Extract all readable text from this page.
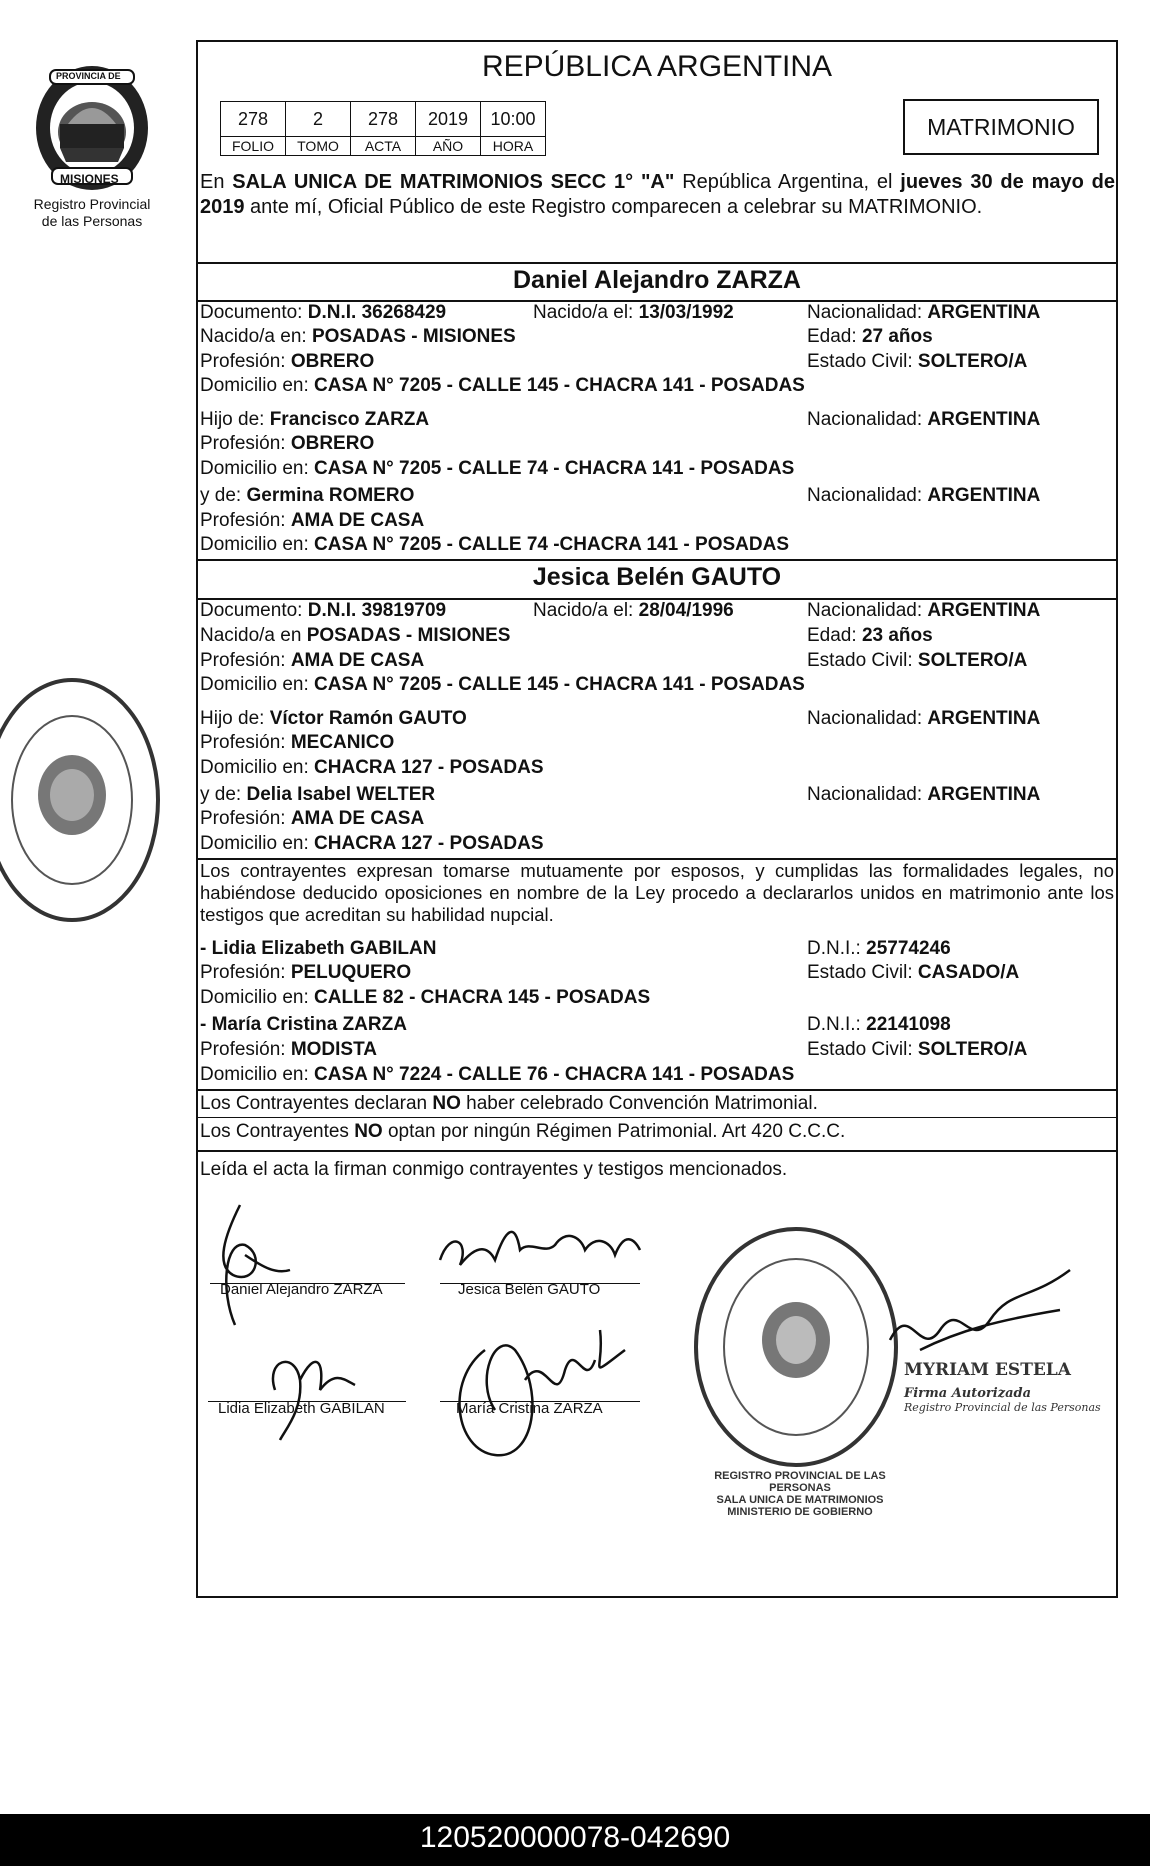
PROVINCIA DE
MISIONES
Registro Provincial
de las Personas
REPÚBLICA ARGENTINA
278	2	278	2019	10:00
FOLIO	TOMO	ACTA	AÑO	HORA
MATRIMONIO
En SALA UNICA DE MATRIMONIOS SECC 1° "A" República Argentina, el jueves 30 de mayo de 2019 ante mí, Oficial Público de este Registro comparecen a celebrar su MATRIMONIO.
Daniel Alejandro ZARZA
Documento: D.N.I. 36268429	Nacido/a el: 13/03/1992	Nacionalidad: ARGENTINA
Nacido/a en: POSADAS - MISIONES	Edad: 27 años
Profesión: OBRERO	Estado Civil: SOLTERO/A
Domicilio en: CASA N° 7205 - CALLE 145 - CHACRA 141 - POSADAS
Hijo de: Francisco ZARZA	Nacionalidad: ARGENTINA
Profesión: OBRERO
Domicilio en: CASA N° 7205 - CALLE 74 - CHACRA 141 - POSADAS
y de: Germina ROMERO	Nacionalidad: ARGENTINA
Profesión: AMA DE CASA
Domicilio en: CASA N° 7205 - CALLE 74 -CHACRA 141 - POSADAS
Jesica Belén GAUTO
Documento: D.N.I. 39819709	Nacido/a el: 28/04/1996	Nacionalidad: ARGENTINA
Nacido/a en POSADAS - MISIONES	Edad: 23 años
Profesión: AMA DE CASA	Estado Civil: SOLTERO/A
Domicilio en: CASA N° 7205 - CALLE 145 - CHACRA 141 - POSADAS
Hijo de: Víctor Ramón GAUTO	Nacionalidad: ARGENTINA
Profesión: MECANICO
Domicilio en: CHACRA 127 - POSADAS
y de: Delia Isabel WELTER	Nacionalidad: ARGENTINA
Profesión: AMA DE CASA
Domicilio en: CHACRA 127 - POSADAS
Los contrayentes expresan tomarse mutuamente por esposos, y cumplidas las formalidades legales, no habiéndose deducido oposiciones en nombre de la Ley procedo a declararlos unidos en matrimonio ante los testigos que acreditan su habilidad nupcial.
- Lidia Elizabeth GABILAN	D.N.I.: 25774246
Profesión: PELUQUERO	Estado Civil: CASADO/A
Domicilio en: CALLE 82 - CHACRA 145 - POSADAS
- María Cristina ZARZA	D.N.I.: 22141098
Profesión: MODISTA	Estado Civil: SOLTERO/A
Domicilio en: CASA N° 7224 - CALLE 76 - CHACRA 141 - POSADAS
Los Contrayentes declaran NO haber celebrado Convención Matrimonial.
Los Contrayentes NO optan por ningún Régimen Patrimonial. Art 420 C.C.C.
Leída el acta la firman conmigo contrayentes y testigos mencionados.
Daniel Alejandro ZARZA	Jesica Belén GAUTO
Lidia Elizabeth GABILAN	María Cristina ZARZA
REGISTRO PROVINCIAL DE LAS PERSONAS
SALA UNICA DE MATRIMONIOS
MINISTERIO DE GOBIERNO
MYRIAM ESTELA
Firma Autorizada
Registro Provincial de las Personas
120520000078-042690
